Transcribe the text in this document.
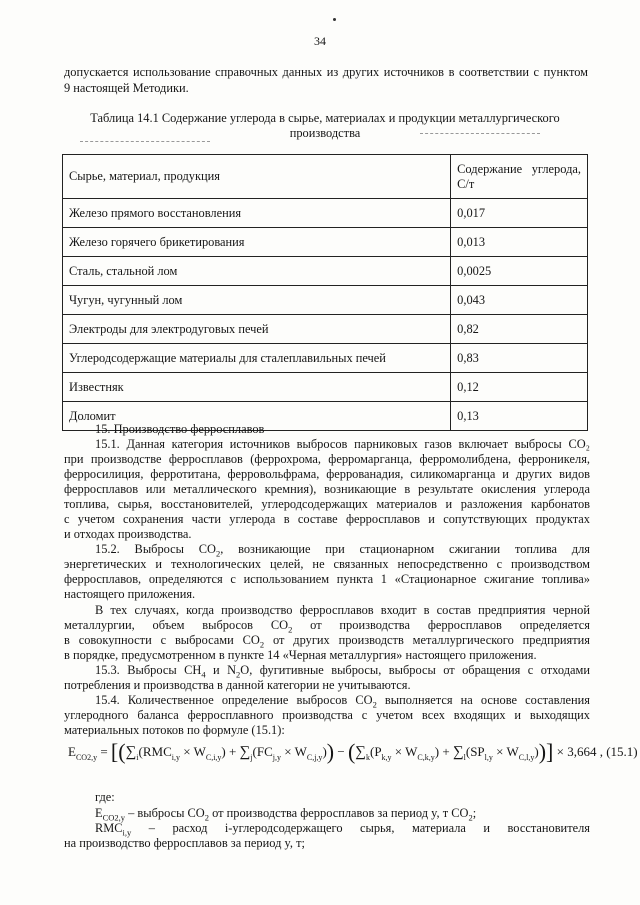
34

допускается использование справочных данных из других источников в соответствии с пунктом

9 настоящей Методики.

Таблица 14.1 Содержание углерода в сырье, материалах и продукции металлургического

производства

Сырье, материал, продукция	Содержание углерода,
С/т

Железо прямого восстановления	0,017
Железо горячего брикетирования	0,013
Сталь, стальной лом	0,0025
Чугун, чугунный лом	0,043
Электроды для электродуговых печей	0,82
Углеродсодержащие материалы для сталеплавильных печей	0,83
Известняк	0,12
Доломит	0,13

15. Производство ферросплавов

15.1. Данная категория источников выбросов парниковых газов включает выбросы CO₂

при производстве ферросплавов (феррохрома, ферромарганца, ферромолибдена, ферроникеля,

ферросилиция, ферротитана, ферровольфрама, феррованадия, силикомарганца и других видов

ферросплавов или металлического кремния), возникающие в результате окисления углерода

топлива, сырья, восстановителей, углеродсодержащих материалов и разложения карбонатов

с учетом сохранения части углерода в составе ферросплавов и сопутствующих продуктах

и отходах производства.

15.2. Выбросы $CO_2$, возникающие при стационарном сжигании топлива для

энергетических и технологических целей, не связанных непосредственно с производством

ферросплавов, определяются с использованием пункта 1 «Стационарное сжигание топлива»

настоящего приложения.

В тех случаях, когда производство ферросплавов входит в состав предприятия черной

металлургии, объем выбросов $CO_2$ от производства ферросплавов определяется

в совокупности с выбросами $CO_2$ от других производств металлургического предприятия

в порядке, предусмотренном в пункте 14 «Черная металлургия» настоящего приложения.

15.3. Выбросы $CH_4$ и $N_2O$, фугитивные выбросы, выбросы от обращения с отходами

потребления и производства в данной категории не учитываются.

15.4. Количественное определение выбросов $CO_2$ выполняется на основе составления

углеродного баланса ферросплавного производства с учетом всех входящих и выходящих

материальных потоков по формуле (15.1):

$E_{CO2,y} = [(\sum_i(RMC_{i,y} \times W_{C,i,y}) + \sum_j(FC_{j,y} \times W_{C,j,y})) - (\sum_k(P_{k,y} \times W_{C,k,y}) + \sum_l(SP_{l,y} \times W_{C,l,y}))] \times 3,664$ , (15.1)

где:

$E_{CO2,y}$ – выбросы $CO_2$ от производства ферросплавов за период y, т $CO_2$;

$RMC_{i,y}$ – расход i-углеродсодержащего сырья, материала и восстановителя

на производство ферросплавов за период y, т;
